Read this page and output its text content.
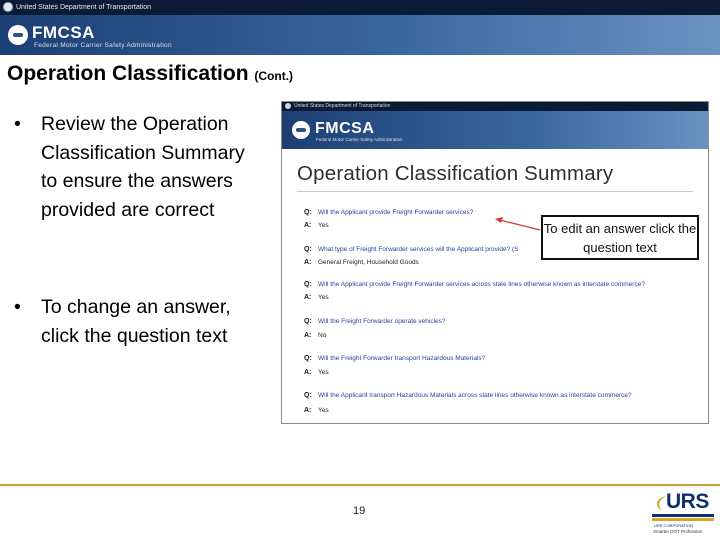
United States Department of Transportation
FMCSA
Federal Motor Carrier Safety Administration
Operation Classification (Cont.)
• Review the Operation Classification Summary to ensure the answers provided are correct
• To change an answer, click the question text
United States Department of Transportation
FMCSA
Federal Motor Carrier Safety Administration
Operation Classification Summary
Q: Will the Applicant provide Freight Forwarder services?
A: Yes
Q: What type of Freight Forwarder services will the Applicant provide? (S
A: General Freight, Household Goods
Q: Will the Applicant provide Freight Forwarder services across state lines otherwise known as interstate commerce?
A: Yes
Q: Will the Freight Forwarder operate vehicles?
A: No
Q: Will the Freight Forwarder transport Hazardous Materials?
A: Yes
Q: Will the Applicant transport Hazardous Materials across state lines otherwise known as interstate commerce?
A: Yes
To edit an answer click the question text
19	URS
URS CORPORATION
Smarter DOT Profession
